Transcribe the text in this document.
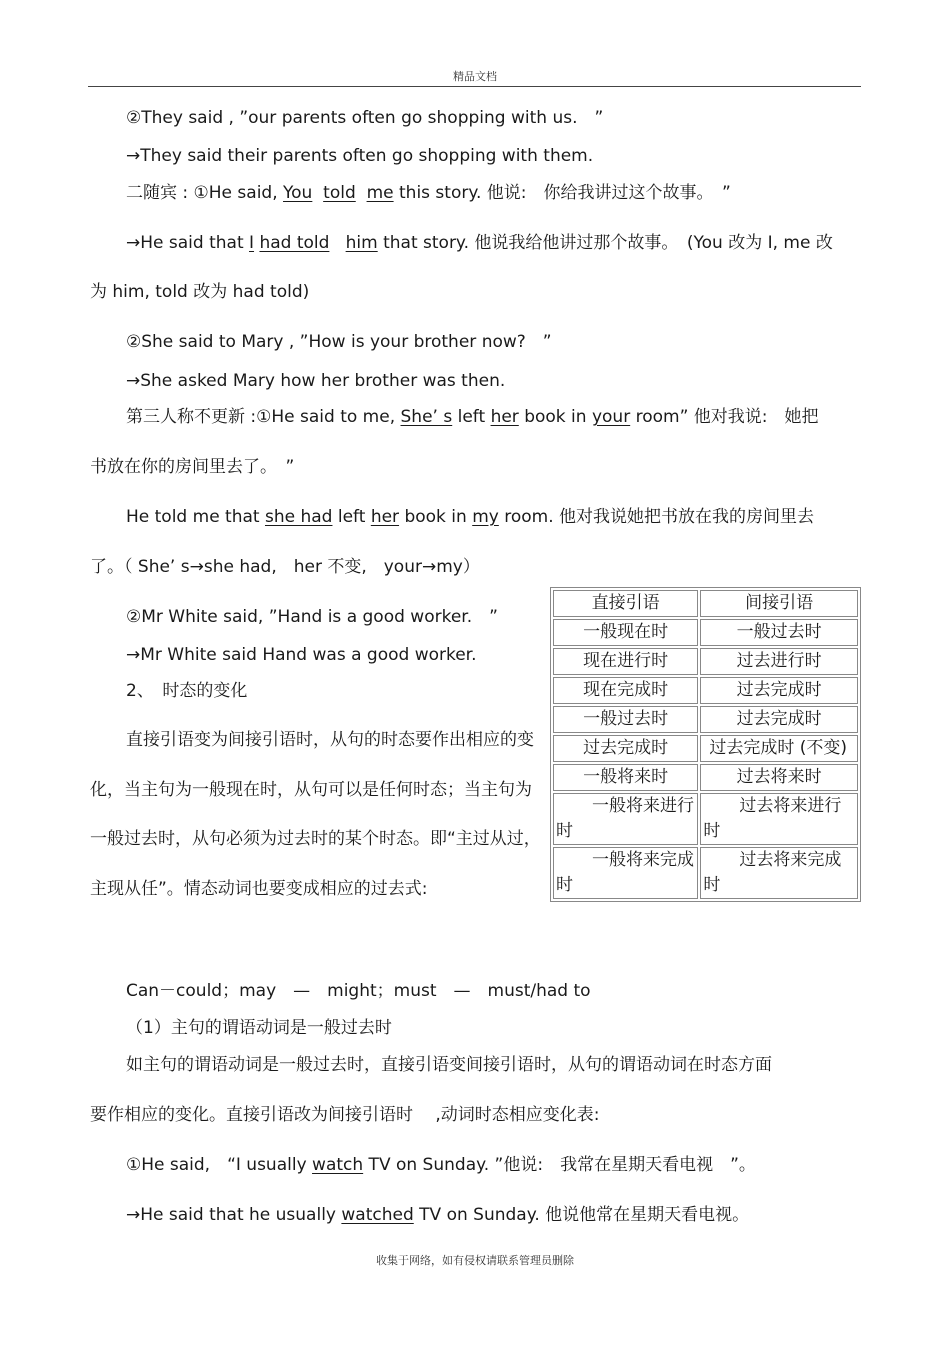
精品文档
②They said , ”our parents often go shopping with us.　”
→They said their parents often go shopping with them.
二随宾 : ①He said, You told me this story. 他说:　你给我讲过这个故事。　”
→He said that I had told him that story. 他说我给他讲过那个故事。　(You 改为 I, me 改
为 him, told 改为 had told)
②She said to Mary , ”How is your brother now?　”
→She asked Mary how her brother was then.
第三人称不更新 :①He said to me, She’ s left her book in your room” 他对我说:　她把
书放在你的房间里去了。　”
He told me that she had left her book in my room. 他对我说她把书放在我的房间里去
了。（ She’ s→she had,　her 不变,　your→my）
②Mr White said, ”Hand is a good worker.　”
→Mr White said Hand was a good worker.
2、　时态的变化
直接引语变为间接引语时，从句的时态要作出相应的变化，当主句为一般现在时，从句可以是任何时态；当主句为一般过去时，从句必须为过去时的某个时态。即“主过从过，主现从任”。情态动词也要变成相应的过去式:
直接引语	间接引语
一般现在时	一般过去时
现在进行时	过去进行时
现在完成时	过去完成时
一般过去时	过去完成时
过去完成时	过去完成时 (不变)
一般将来时	过去将来时
一般将来进行时	过去将来进行时
一般将来完成时	过去将来完成时
Can－could；may　—　might；must　—　must/had to
（1）主句的谓语动词是一般过去时
如主句的谓语动词是一般过去时，直接引语变间接引语时，从句的谓语动词在时态方面
要作相应的变化。直接引语改为间接引语时　 ,动词时态相应变化表:
①He said,　“I usually watch TV on Sunday. ”他说:　我常在星期天看电视　”。
→He said that he usually watched TV on Sunday. 他说他常在星期天看电视。
收集于网络，如有侵权请联系管理员删除
